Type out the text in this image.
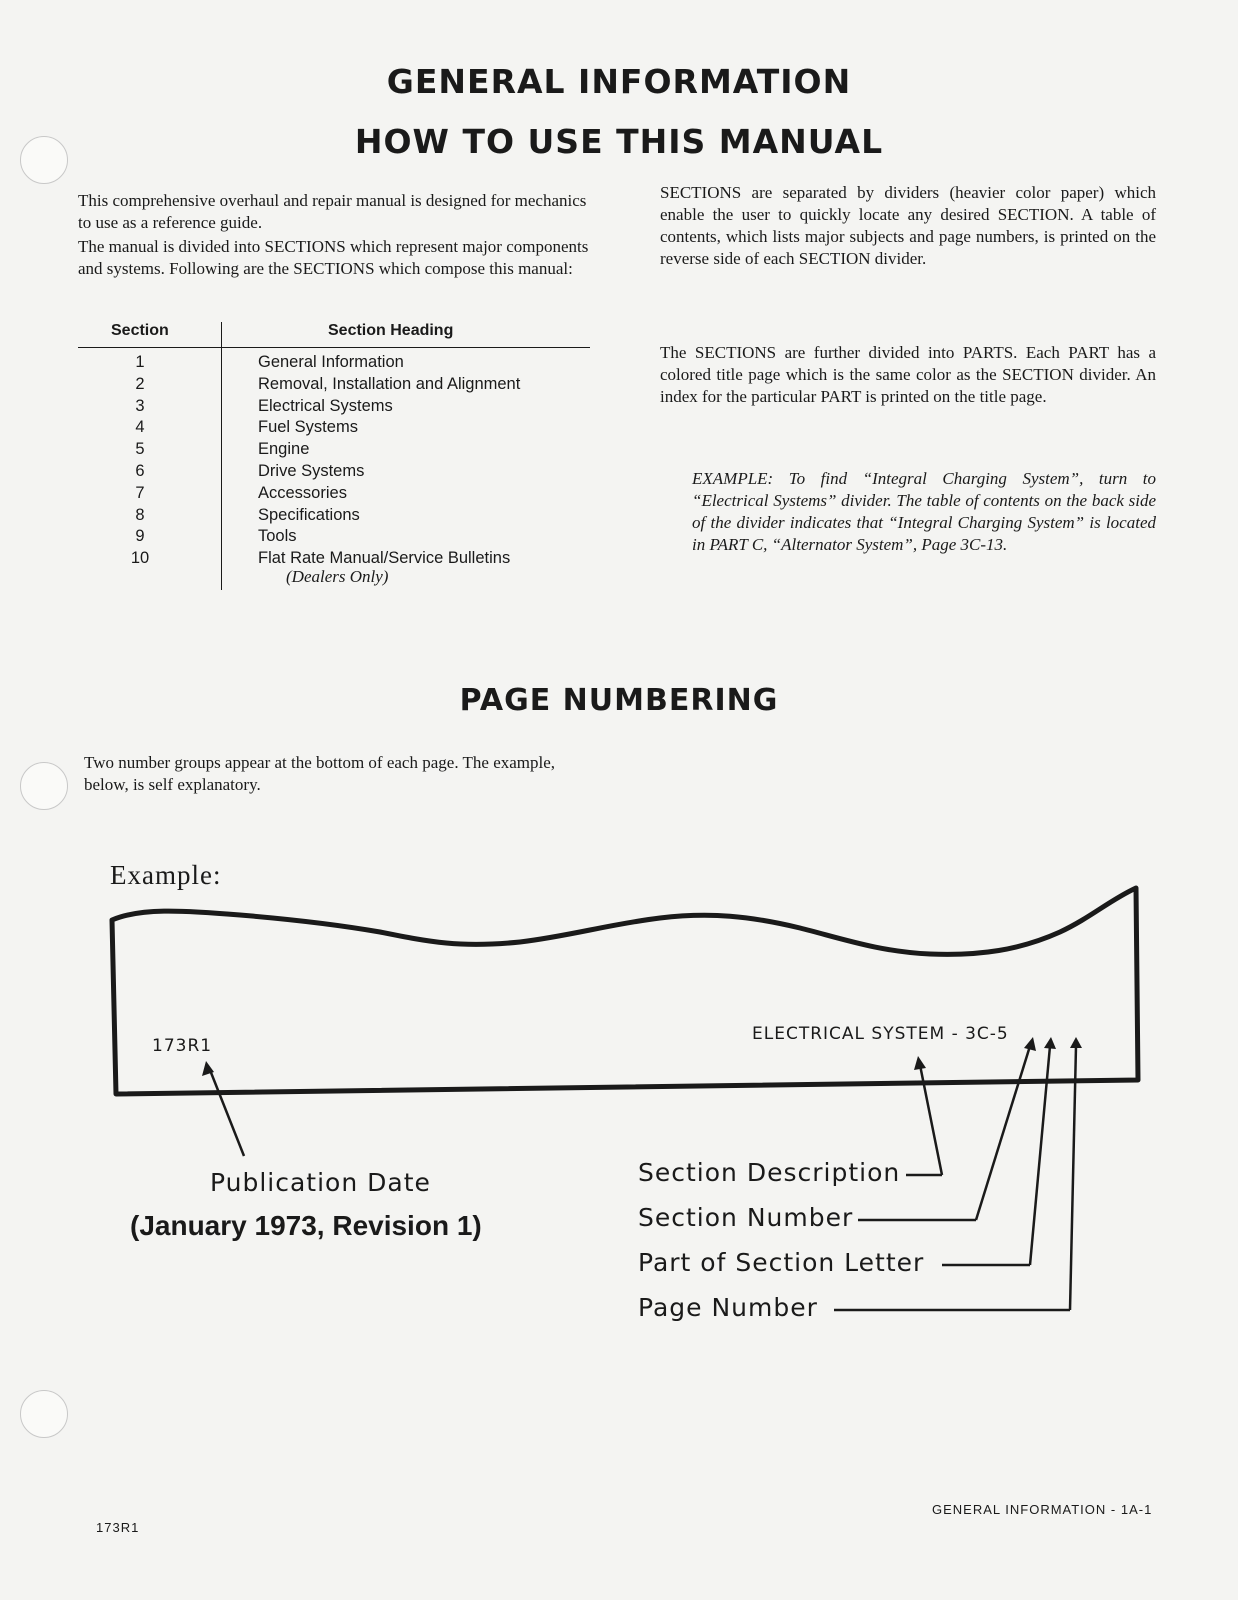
GENERAL INFORMATION
HOW TO USE THIS MANUAL

This comprehensive overhaul and repair manual is designed for mechanics to use as a reference guide.

The manual is divided into SECTIONS which represent major components and systems. Following are the SECTIONS which compose this manual:

Section	Section Heading
1	General Information
2	Removal, Installation and Alignment
3	Electrical Systems
4	Fuel Systems
5	Engine
6	Drive Systems
7	Accessories
8	Specifications
9	Tools
10	Flat Rate Manual/Service Bulletins
(Dealers Only)

SECTIONS are separated by dividers (heavier color paper) which enable the user to quickly locate any desired SECTION. A table of contents, which lists major subjects and page numbers, is printed on the reverse side of each SECTION divider.

The SECTIONS are further divided into PARTS. Each PART has a colored title page which is the same color as the SECTION divider. An index for the particular PART is printed on the title page.

EXAMPLE: To find “Integral Charging System”, turn to “Electrical Systems” divider. The table of contents on the back side of the divider indicates that “Integral Charging System” is located in PART C, “Alternator System”, Page 3C-13.

PAGE NUMBERING

Two number groups appear at the bottom of each page. The example, below, is self explanatory.

Example:
173R1
ELECTRICAL SYSTEM - 3C-5
Publication Date
(January 1973, Revision 1)
Section Description
Section Number
Part of Section Letter
Page Number
173R1
GENERAL INFORMATION - 1A-1
